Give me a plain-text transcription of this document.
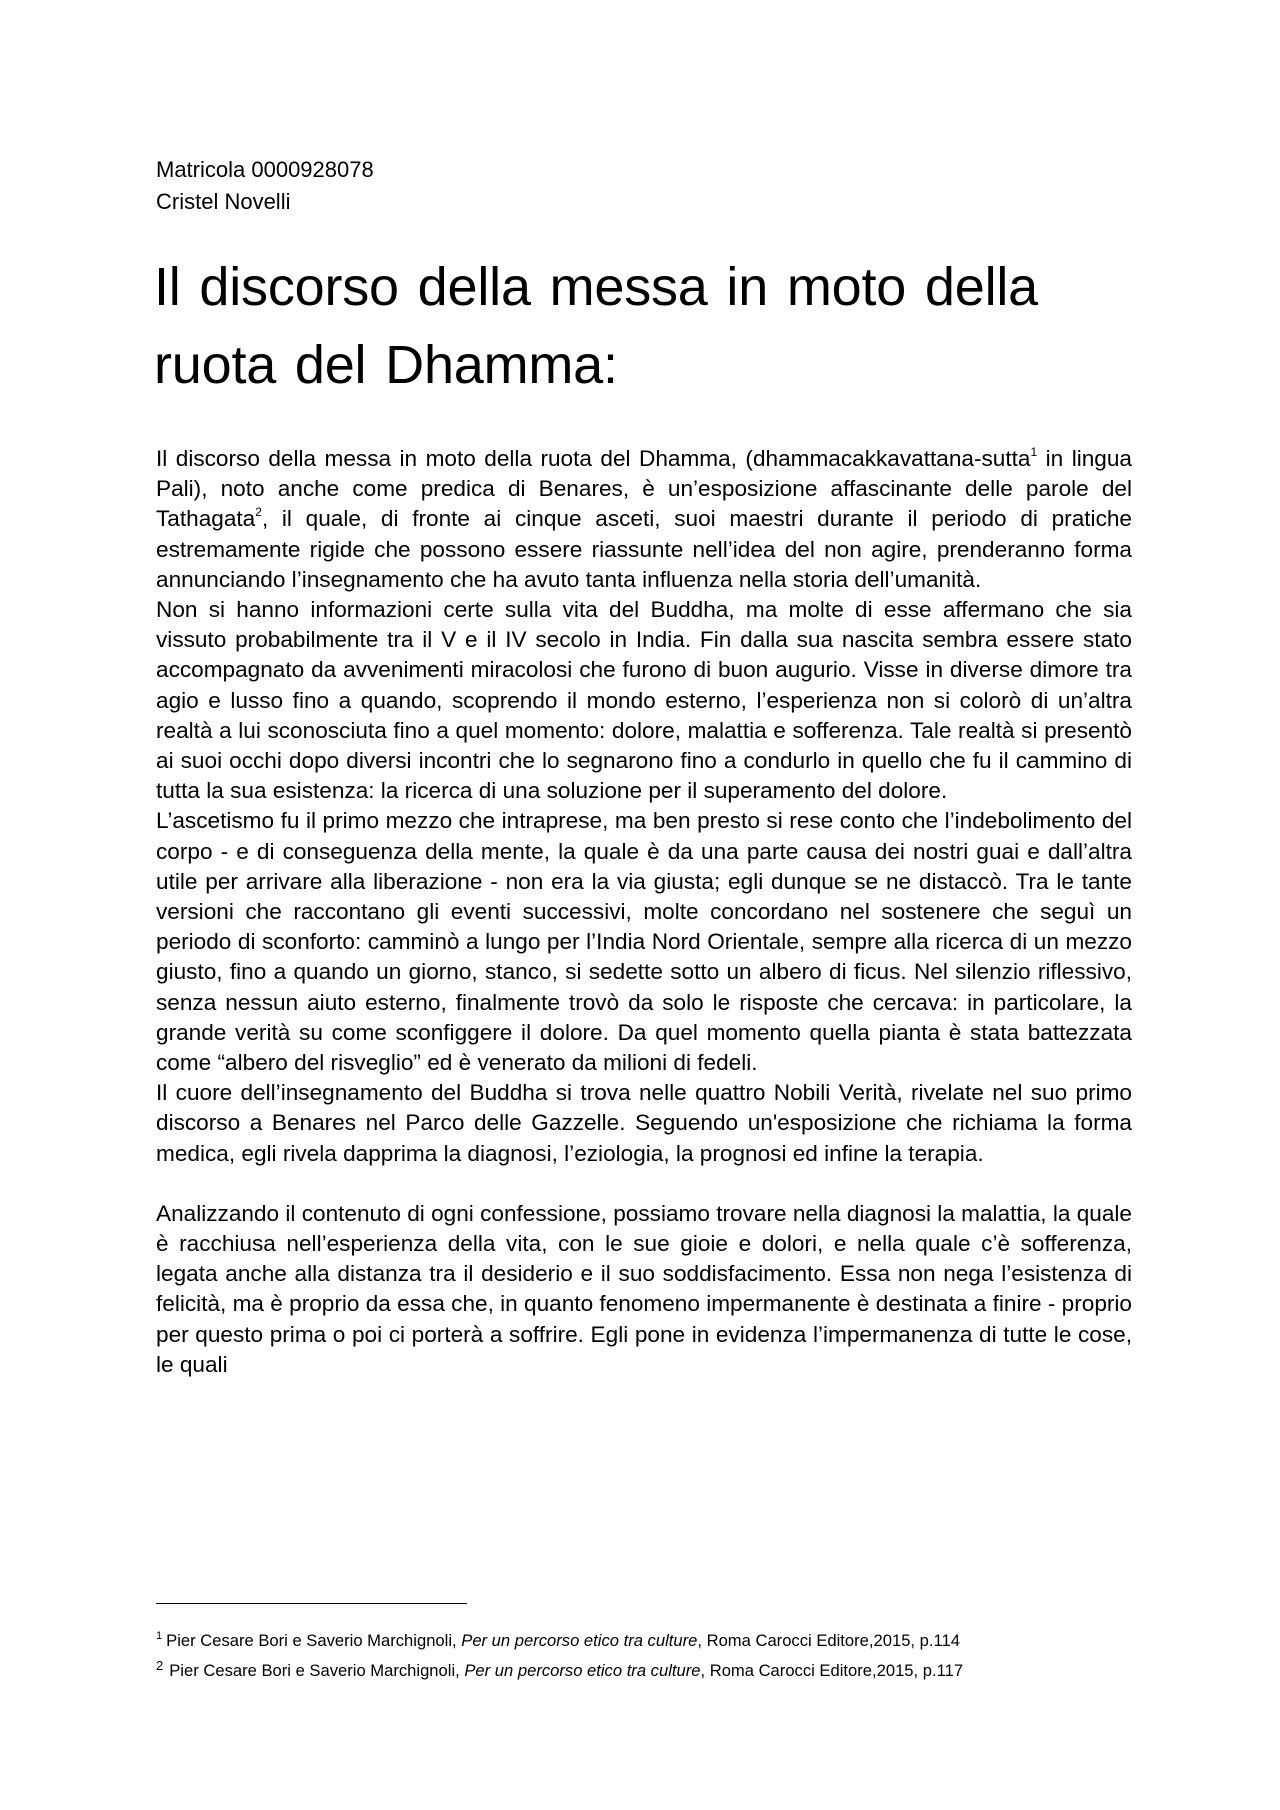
Matricola 0000928078
Cristel Novelli
Il discorso della messa in moto della ruota del Dhamma:

Il discorso della messa in moto della ruota del Dhamma, (dhammacakkavattana-sutta$^1$ in lingua Pali), noto anche come predica di Benares, è un’esposizione affascinante delle parole del Tathagata$^2$, il quale, di fronte ai cinque asceti, suoi maestri durante il periodo di pratiche estremamente rigide che possono essere riassunte nell’idea del non agire, prenderanno forma annunciando l’insegnamento che ha avuto tanta influenza nella storia dell’umanità.

Non si hanno informazioni certe sulla vita del Buddha, ma molte di esse affermano che sia vissuto probabilmente tra il V e il IV secolo in India. Fin dalla sua nascita sembra essere stato accompagnato da avvenimenti miracolosi che furono di buon augurio. Visse in diverse dimore tra agio e lusso fino a quando, scoprendo il mondo esterno, l’esperienza non si colorò di un’altra realtà a lui sconosciuta fino a quel momento: dolore, malattia e sofferenza. Tale realtà si presentò ai suoi occhi dopo diversi incontri che lo segnarono fino a condurlo in quello che fu il cammino di tutta la sua esistenza: la ricerca di una soluzione per il superamento del dolore.

L’ascetismo fu il primo mezzo che intraprese, ma ben presto si rese conto che l’indebolimento del corpo - e di conseguenza della mente, la quale è da una parte causa dei nostri guai e dall’altra utile per arrivare alla liberazione - non era la via giusta; egli dunque se ne distaccò. Tra le tante versioni che raccontano gli eventi successivi, molte concordano nel sostenere che seguì un periodo di sconforto: camminò a lungo per l’India Nord Orientale, sempre alla ricerca di un mezzo giusto, fino a quando un giorno, stanco, si sedette sotto un albero di ficus. Nel silenzio riflessivo, senza nessun aiuto esterno, finalmente trovò da solo le risposte che cercava: in particolare, la grande verità su come sconfiggere il dolore. Da quel momento quella pianta è stata battezzata come “albero del risveglio” ed è venerato da milioni di fedeli.

Il cuore dell’insegnamento del Buddha si trova nelle quattro Nobili Verità, rivelate nel suo primo discorso a Benares nel Parco delle Gazzelle. Seguendo un'esposizione che richiama la forma medica, egli rivela dapprima la diagnosi, l’eziologia, la prognosi ed infine la terapia.

Analizzando il contenuto di ogni confessione, possiamo trovare nella diagnosi la malattia, la quale è racchiusa nell’esperienza della vita, con le sue gioie e dolori, e nella quale c’è sofferenza, legata anche alla distanza tra il desiderio e il suo soddisfacimento. Essa non nega l’esistenza di felicità, ma è proprio da essa che, in quanto fenomeno impermanente è destinata a finire - proprio per questo prima o poi ci porterà a soffrire. Egli pone in evidenza l’impermanenza di tutte le cose, le quali

$^1$ Pier Cesare Bori e Saverio Marchignoli, Per un percorso etico tra culture, Roma Carocci Editore,2015, p.114
$^2$ Pier Cesare Bori e Saverio Marchignoli, Per un percorso etico tra culture, Roma Carocci Editore,2015, p.117
